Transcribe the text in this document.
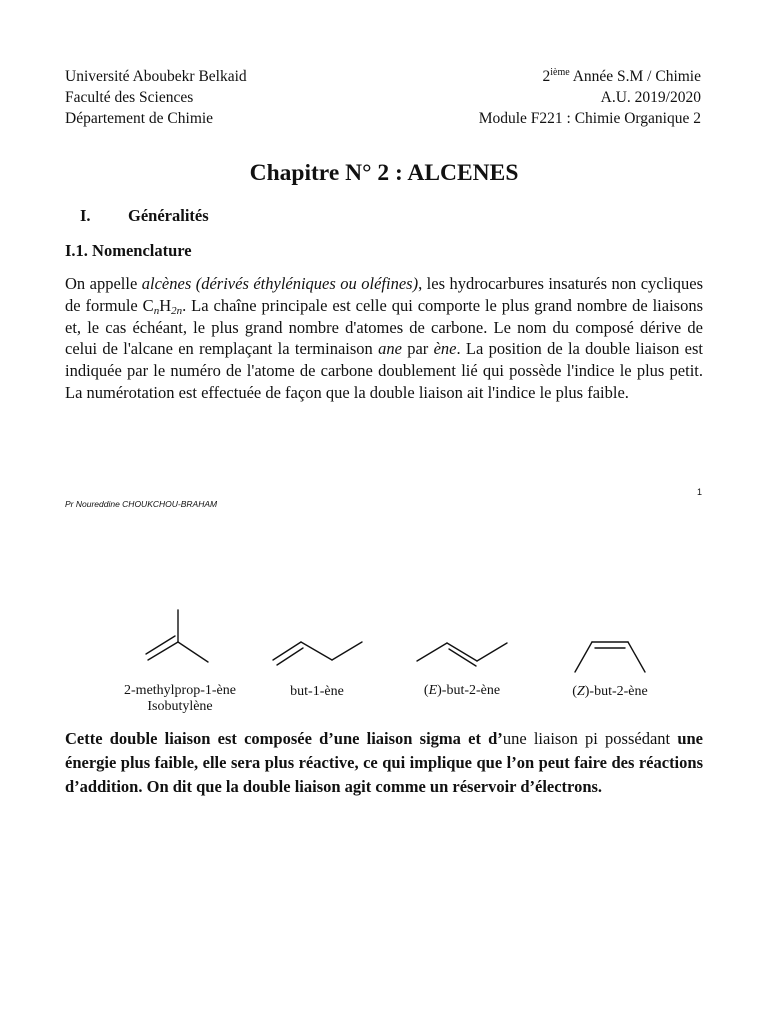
Université Aboubekr Belkaid
Faculté des Sciences
Département de Chimie
2ième Année S.M / Chimie
A.U. 2019/2020
Module F221 : Chimie Organique 2
Chapitre N° 2 : ALCENES
I. Généralités
I.1. Nomenclature
On appelle alcènes (dérivés éthyléniques ou oléfines), les hydrocarbures insaturés non cycliques de formule $C_nH_{2n}$. La chaîne principale est celle qui comporte le plus grand nombre de liaisons et, le cas échéant, le plus grand nombre d'atomes de carbone. Le nom du composé dérive de celui de l'alcane en remplaçant la terminaison ane par ène. La position de la double liaison est indiquée par le numéro de l'atome de carbone doublement lié qui possède l'indice le plus petit. La numérotation est effectuée de façon que la double liaison ait l'indice le plus faible.
Pr Noureddine CHOUKCHOU-BRAHAM
1
2-methylprop-1-ène
Isobutylène
but-1-ène	(E)-but-2-ène	(Z)-but-2-ène
Cette double liaison est composée d’une liaison sigma et d’une liaison pi possédant une énergie plus faible, elle sera plus réactive, ce qui implique que l’on peut faire des réactions d’addition. On dit que la double liaison agit comme un réservoir d’électrons.
